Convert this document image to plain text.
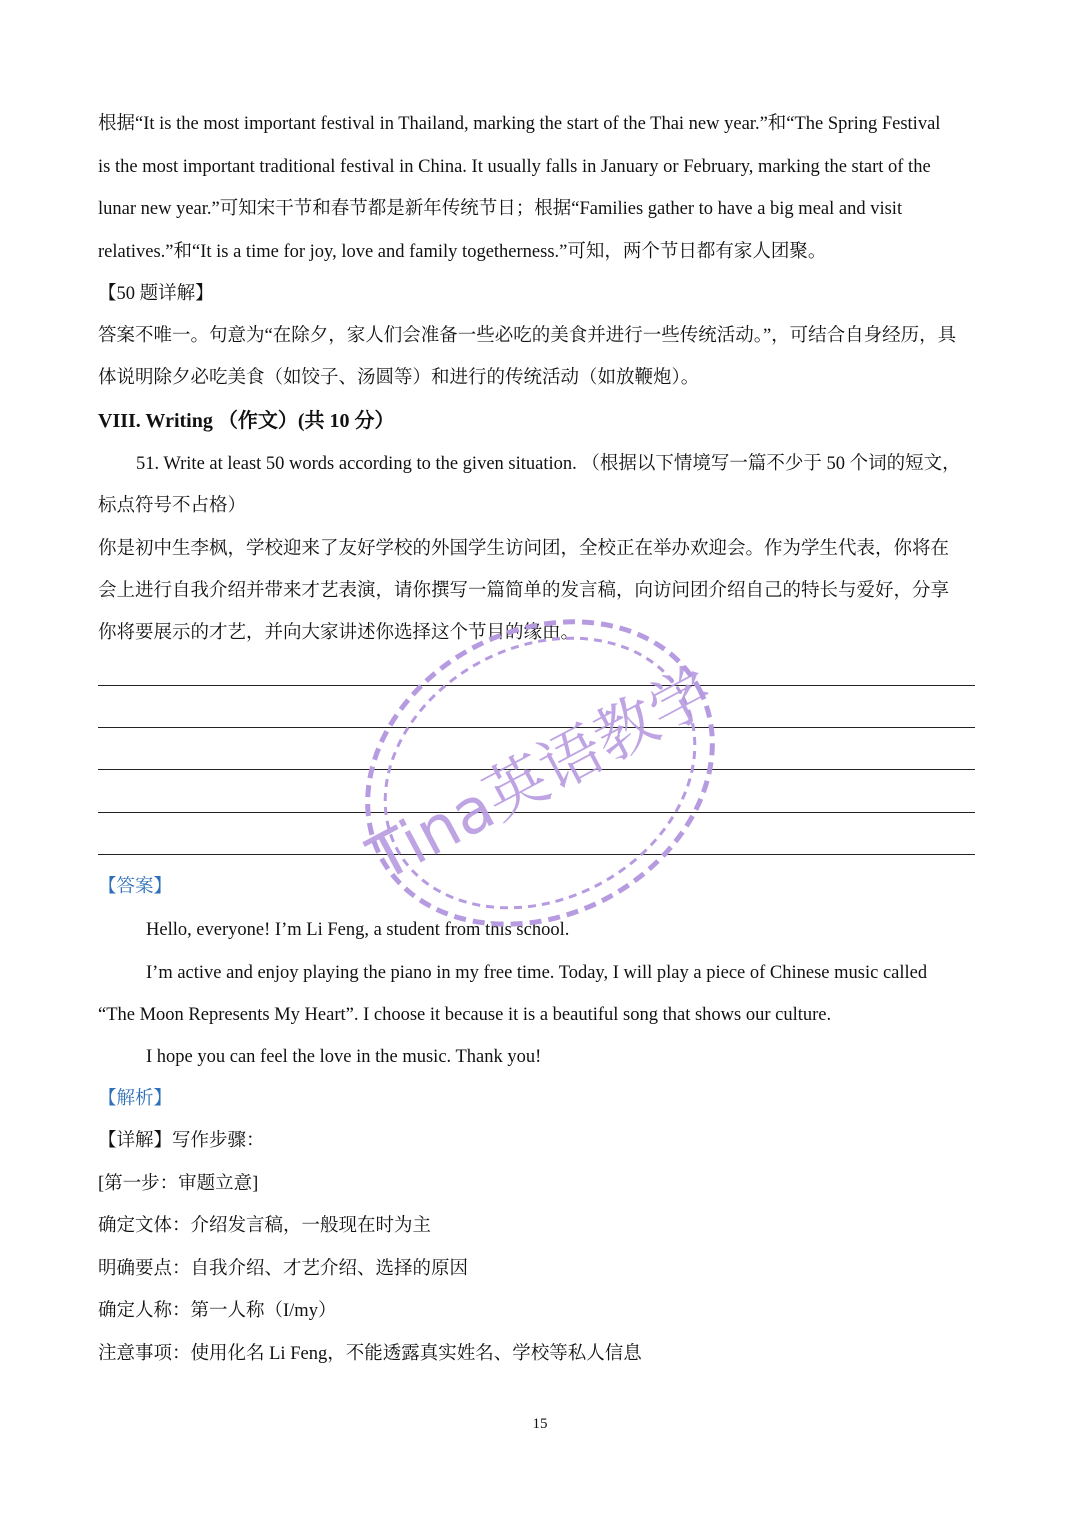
根据“It is the most important festival in Thailand, marking the start of the Thai new year.”和“The Spring Festival
is the most important traditional festival in China. It usually falls in January or February, marking the start of the
lunar new year.”可知宋干节和春节都是新年传统节日；根据“Families gather to have a big meal and visit
relatives.”和“It is a time for joy, love and family togetherness.”可知，两个节日都有家人团聚。
【50 题详解】
答案不唯一。句意为“在除夕，家人们会准备一些必吃的美食并进行一些传统活动。”，可结合自身经历，具
体说明除夕必吃美食（如饺子、汤圆等）和进行的传统活动（如放鞭炮）。
VIII. Writing （作文）(共 10 分）
51. Write at least 50 words according to the given situation. （根据以下情境写一篇不少于 50 个词的短文，
标点符号不占格）
你是初中生李枫，学校迎来了友好学校的外国学生访问团，全校正在举办欢迎会。作为学生代表，你将在
会上进行自我介绍并带来才艺表演，请你撰写一篇简单的发言稿，向访问团介绍自己的特长与爱好，分享
你将要展示的才艺，并向大家讲述你选择这个节目的缘由。
【答案】
Hello, everyone! I’m Li Feng, a student from this school.
I’m active and enjoy playing the piano in my free time. Today, I will play a piece of Chinese music called
“The Moon Represents My Heart”. I choose it because it is a beautiful song that shows our culture.
I hope you can feel the love in the music. Thank you!
【解析】
【详解】写作步骤：
[第一步：审题立意]
确定文体：介绍发言稿，一般现在时为主
明确要点：自我介绍、才艺介绍、选择的原因
确定人称：第一人称（I/my）
注意事项：使用化名 Li Feng，不能透露真实姓名、学校等私人信息
15
Tina英语教学
